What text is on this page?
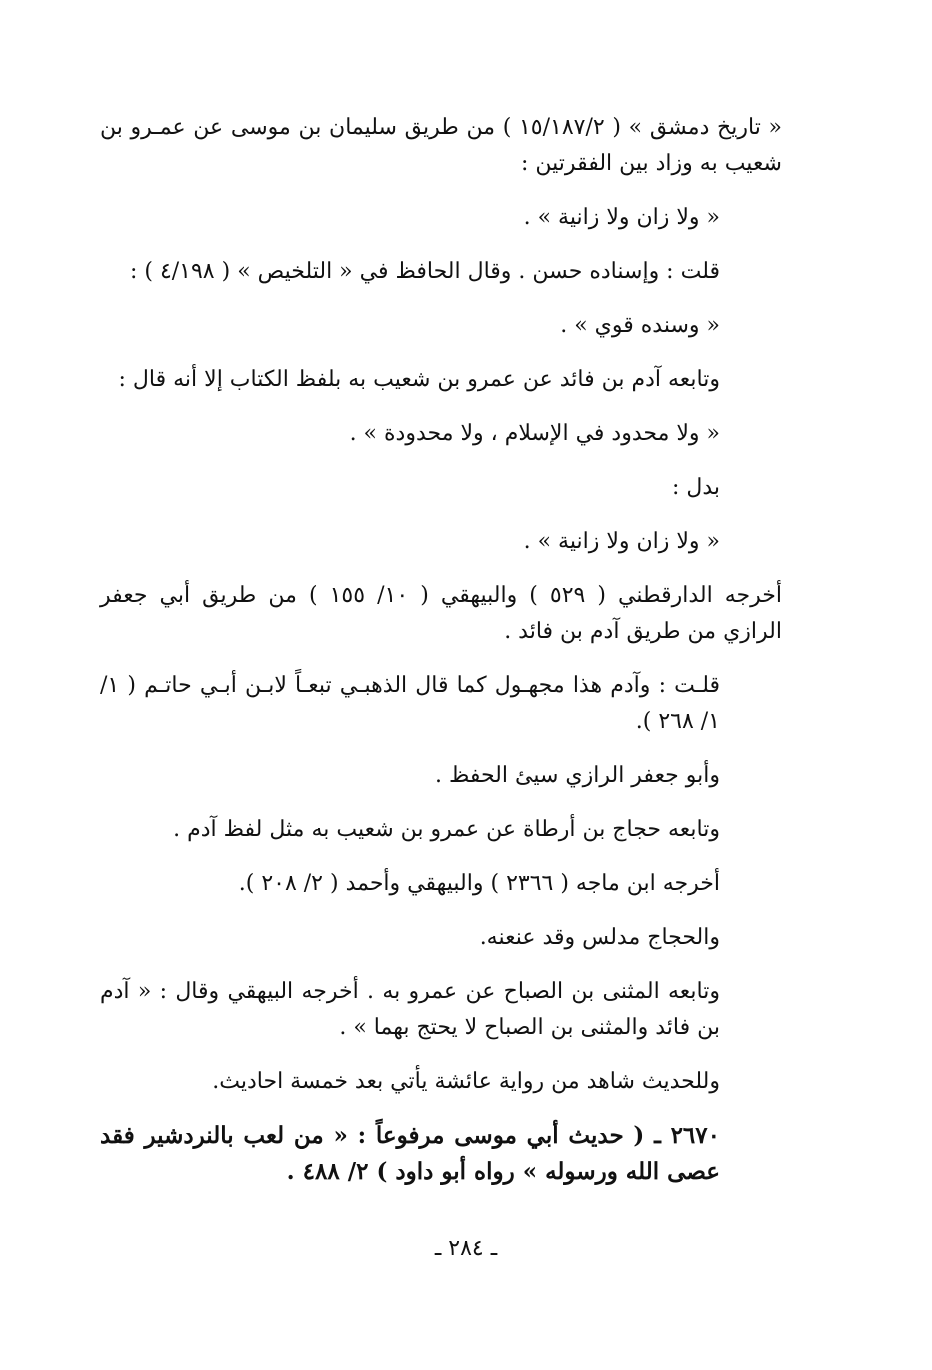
« تاريخ دمشق » ( ١٥/١٨٧/٢ ) من طريق سليمان بن موسى عن عمـرو بن شعيب به وزاد بين الفقرتين :

« ولا زان ولا زانية » .

قلت : وإسناده حسن . وقال الحافظ في « التلخيص » ( ٤/١٩٨ ) :

« وسنده قوي » .

وتابعه آدم بن فائد عن عمرو بن شعيب به بلفظ الكتاب إلا أنه قال :

« ولا محدود في الإسلام ، ولا محدودة » .

بدل :

« ولا زان ولا زانية » .

أخرجه الدارقطني ( ٥٢٩ ) والبيهقي ( ١٠/ ١٥٥ ) من طريق أبي جعفر الرازي من طريق آدم بن فائد .

قلـت : وآدم هذا مجهـول كما قال الذهبـي تبعـاً لابـن أبـي حاتـم ( ١/ ١/ ٢٦٨ ).

وأبو جعفر الرازي سيئ الحفظ .

وتابعه حجاج بن أرطاة عن عمرو بن شعيب به مثل لفظ آدم .

أخرجه ابن ماجه ( ٢٣٦٦ ) والبيهقي وأحمد ( ٢/ ٢٠٨ ).

والحجاج مدلس وقد عنعنه.

وتابعه المثنى بن الصباح عن عمرو به . أخرجه البيهقي وقال : « آدم بن فائد والمثنى بن الصباح لا يحتج بهما » .

وللحديث شاهد من رواية عائشة يأتي بعد خمسة احاديث.

٢٦٧٠ ـ ( حديث أبي موسى مرفوعاً : « من لعب بالنردشير فقد عصى الله ورسوله » رواه أبو داود ) ٢/ ٤٨٨ .

ـ ٢٨٤ ـ
